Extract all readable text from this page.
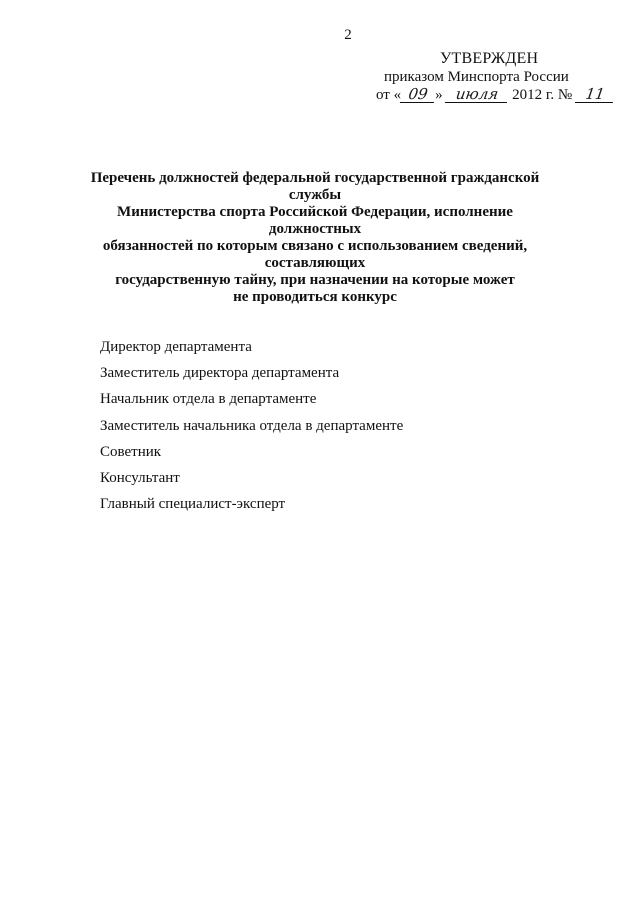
2
УТВЕРЖДЕН
приказом Минспорта России
от « 09 » июля 2012 г. № 11
Перечень должностей федеральной государственной гражданской службы
Министерства спорта Российской Федерации, исполнение должностных
обязанностей по которым связано с использованием сведений, составляющих
государственную тайну, при назначении на которые может
не проводиться конкурс
Директор департамента
Заместитель директора департамента
Начальник отдела в департаменте
Заместитель начальника отдела в департаменте
Советник
Консультант
Главный специалист-эксперт
